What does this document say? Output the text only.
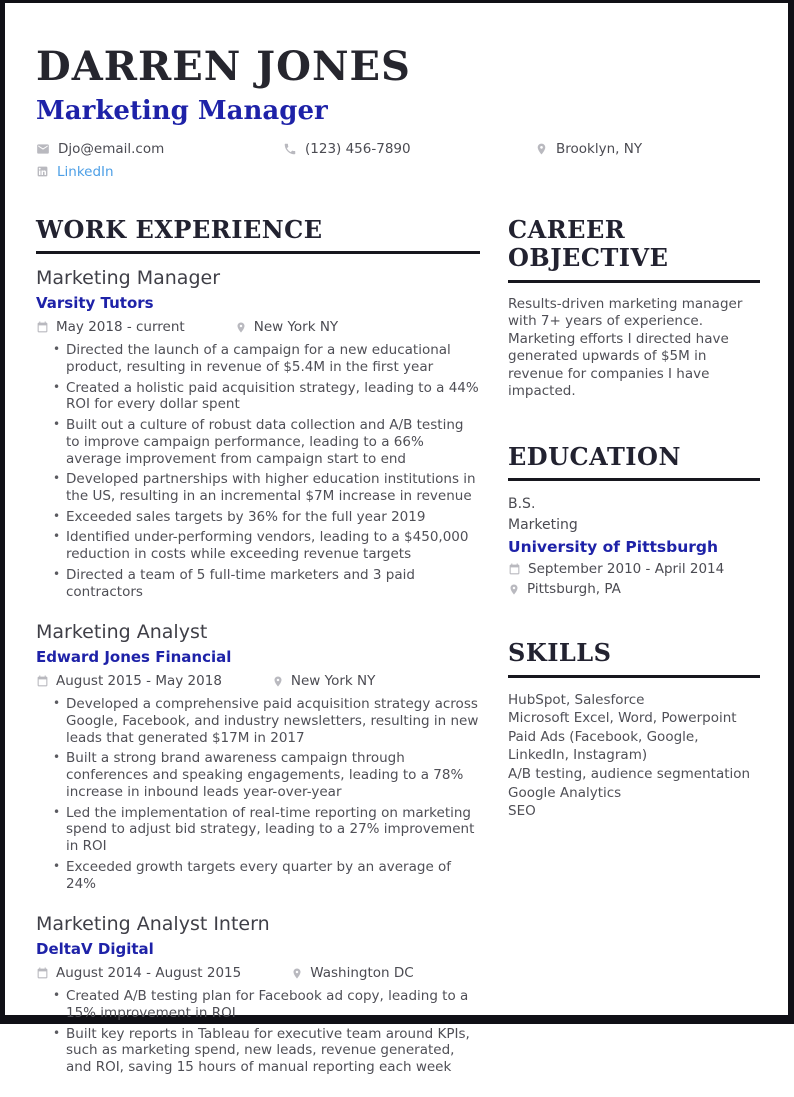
DARREN JONES
Marketing Manager
Djo@email.com	(123) 456-7890	Brooklyn, NY
LinkedIn
WORK EXPERIENCE
Marketing Manager
Varsity Tutors
May 2018 - current	New York NY
• Directed the launch of a campaign for a new educational product, resulting in revenue of $5.4M in the first year
• Created a holistic paid acquisition strategy, leading to a 44% ROI for every dollar spent
• Built out a culture of robust data collection and A/B testing to improve campaign performance, leading to a 66% average improvement from campaign start to end
• Developed partnerships with higher education institutions in the US, resulting in an incremental $7M increase in revenue
• Exceeded sales targets by 36% for the full year 2019
• Identified under-performing vendors, leading to a $450,000 reduction in costs while exceeding revenue targets
• Directed a team of 5 full-time marketers and 3 paid contractors
Marketing Analyst
Edward Jones Financial
August 2015 - May 2018	New York NY
• Developed a comprehensive paid acquisition strategy across Google, Facebook, and industry newsletters, resulting in new leads that generated $17M in 2017
• Built a strong brand awareness campaign through conferences and speaking engagements, leading to a 78% increase in inbound leads year-over-year
• Led the implementation of real-time reporting on marketing spend to adjust bid strategy, leading to a 27% improvement in ROI
• Exceeded growth targets every quarter by an average of 24%
Marketing Analyst Intern
DeltaV Digital
August 2014 - August 2015	Washington DC
• Created A/B testing plan for Facebook ad copy, leading to a 15% improvement in ROI
• Built key reports in Tableau for executive team around KPIs, such as marketing spend, new leads, revenue generated, and ROI, saving 15 hours of manual reporting each week
CAREER OBJECTIVE

Results-driven marketing manager with 7+ years of experience. Marketing efforts I directed have generated upwards of $5M in revenue for companies I have impacted.

EDUCATION
B.S.
Marketing
University of Pittsburgh
September 2010 - April 2014
Pittsburgh, PA
SKILLS
HubSpot, Salesforce
Microsoft Excel, Word, Powerpoint
Paid Ads (Facebook, Google, LinkedIn, Instagram)
A/B testing, audience segmentation
Google Analytics
SEO
